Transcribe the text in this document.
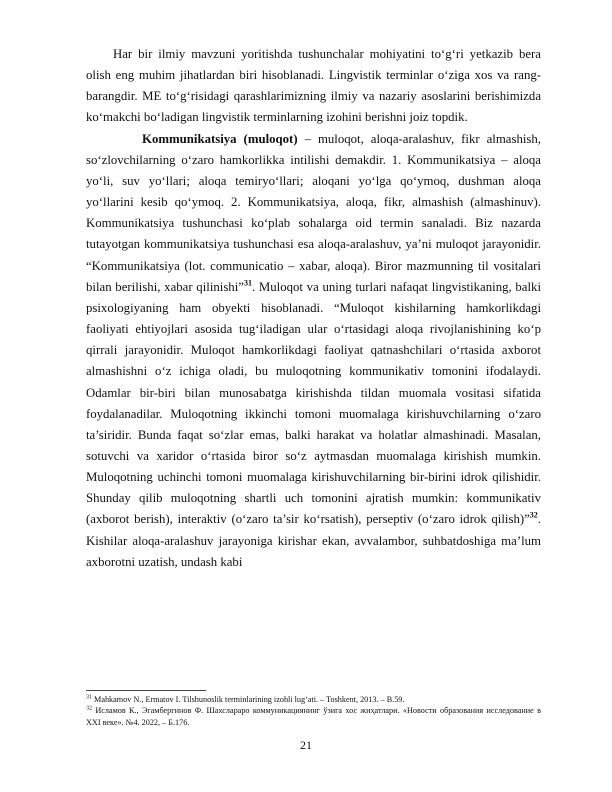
Har bir ilmiy mavzuni yoritishda tushunchalar mohiyatini to‘g‘ri yetkazib bera olish eng muhim jihatlardan biri hisoblanadi. Lingvistik terminlar o‘ziga xos va rang-barangdir. ME to‘g‘risidagi qarashlarimizning ilmiy va nazariy asoslarini berishimizda ko‘makchi bo‘ladigan lingvistik terminlarning izohini berishni joiz topdik.

Kommunikatsiya (muloqot) – muloqot, aloqa-aralashuv, fikr almashish, so‘zlovchilarning o‘zaro hamkorlikka intilishi demakdir. 1. Kommunikatsiya – aloqa yo‘li, suv yo‘llari; aloqa temiryo‘llari; aloqani yo‘lga qo‘ymoq, dushman aloqa yo‘llarini kesib qo‘ymoq. 2. Kommunikatsiya, aloqa, fikr, almashish (almashinuv). Kommunikatsiya tushunchasi ko‘plab sohalarga oid termin sanaladi. Biz nazarda tutayotgan kommunikatsiya tushunchasi esa aloqa-aralashuv, ya’ni muloqot jarayonidir. “Kommunikatsiya (lot. communicatio – xabar, aloqa). Biror mazmunning til vositalari bilan berilishi, xabar qilinishi”$^{31}$. Muloqot va uning turlari nafaqat lingvistikaning, balki psixologiyaning ham obyekti hisoblanadi. “Muloqot kishilarning hamkorlikdagi faoliyati ehtiyojlari asosida tug‘iladigan ular o‘rtasidagi aloqa rivojlanishining ko‘p qirrali jarayonidir. Muloqot hamkorlikdagi faoliyat qatnashchilari o‘rtasida axborot almashishni o‘z ichiga oladi, bu muloqotning kommunikativ tomonini ifodalaydi. Odamlar bir-biri bilan munosabatga kirishishda tildan muomala vositasi sifatida foydalanadilar. Muloqotning ikkinchi tomoni muomalaga kirishuvchilarning o‘zaro ta’siridir. Bunda faqat so‘zlar emas, balki harakat va holatlar almashinadi. Masalan, sotuvchi va xaridor o‘rtasida biror so‘z aytmasdan muomalaga kirishish mumkin. Muloqotning uchinchi tomoni muomalaga kirishuvchilarning bir-birini idrok qilishidir. Shunday qilib muloqotning shartli uch tomonini ajratish mumkin: kommunikativ (axborot berish), interaktiv (o‘zaro ta’sir ko‘rsatish), perseptiv (o‘zaro idrok qilish)”$^{32}$. Kishilar aloqa-aralashuv jarayoniga kirishar ekan, avvalambor, suhbatdoshiga ma’lum axborotni uzatish, undash kabi

$^{31}$ Mahkamov N., Ermatov I. Tilshunoslik terminlarining izohli lug‘ati. – Toshkent, 2013. – B.59.

$^{32}$ Исламов К., Эгамбергинов Ф. Шахсларaро коммуникациянинг ўзига хос жиҳатлари. «Новости образования исследование в ХХI веке». №4. 2022, – Б.176.

21
